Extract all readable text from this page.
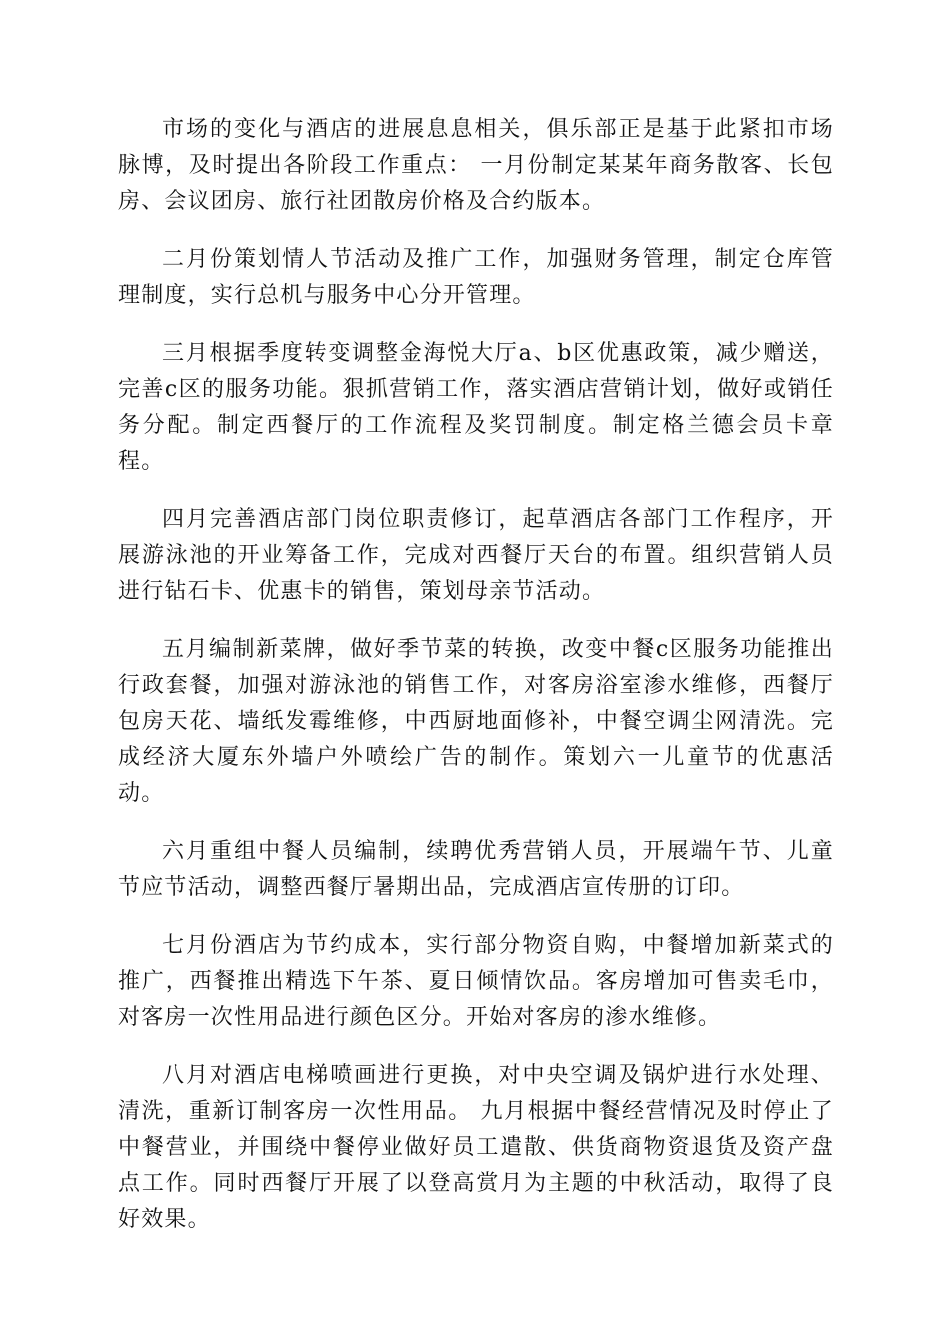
市场的变化与酒店的进展息息相关，俱乐部正是基于此紧扣市场脉博，及时提出各阶段工作重点： 一月份制定某某年商务散客、长包房、会议团房、旅行社团散房价格及合约版本。

二月份策划情人节活动及推广工作，加强财务管理，制定仓库管理制度，实行总机与服务中心分开管理。

三月根据季度转变调整金海悦大厅a、b区优惠政策，减少赠送，完善c区的服务功能。狠抓营销工作，落实酒店营销计划，做好或销任务分配。制定西餐厅的工作流程及奖罚制度。制定格兰德会员卡章程。

四月完善酒店部门岗位职责修订，起草酒店各部门工作程序，开展游泳池的开业筹备工作，完成对西餐厅天台的布置。组织营销人员进行钻石卡、优惠卡的销售，策划母亲节活动。

五月编制新菜牌，做好季节菜的转换，改变中餐c区服务功能推出行政套餐，加强对游泳池的销售工作，对客房浴室渗水维修，西餐厅包房天花、墙纸发霉维修，中西厨地面修补，中餐空调尘网清洗。完成经济大厦东外墙户外喷绘广告的制作。策划六一儿童节的优惠活动。

六月重组中餐人员编制，续聘优秀营销人员，开展端午节、儿童节应节活动，调整西餐厅暑期出品，完成酒店宣传册的订印。

七月份酒店为节约成本，实行部分物资自购，中餐增加新菜式的推广，西餐推出精选下午茶、夏日倾情饮品。客房增加可售卖毛巾，对客房一次性用品进行颜色区分。开始对客房的渗水维修。

八月对酒店电梯喷画进行更换，对中央空调及锅炉进行水处理、清洗，重新订制客房一次性用品。 九月根据中餐经营情况及时停止了中餐营业，并围绕中餐停业做好员工遣散、供货商物资退货及资产盘点工作。同时西餐厅开展了以登高赏月为主题的中秋活动，取得了良好效果。
